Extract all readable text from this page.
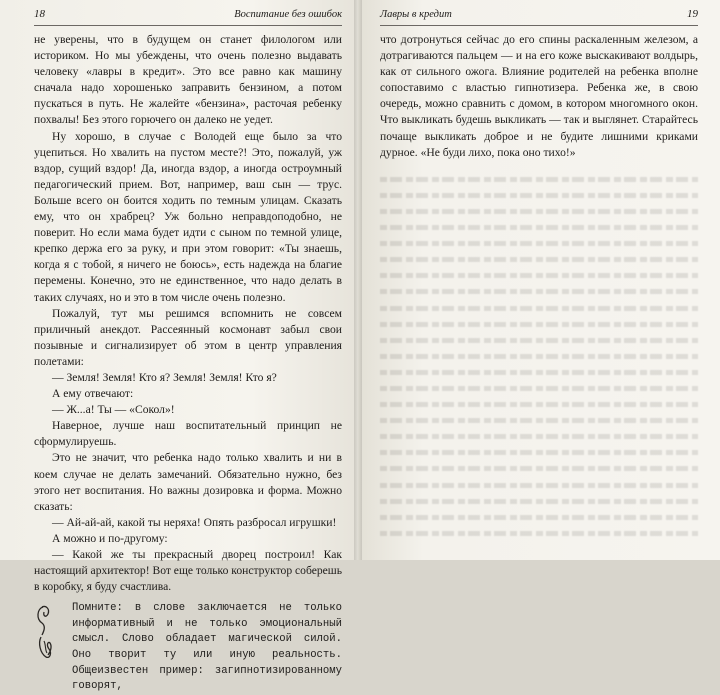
18	Воспитание без ошибок

не уверены, что в будущем он станет филологом или историком. Но мы убеждены, что очень полезно выдавать человеку «лавры в кредит». Это все равно как машину сначала надо хорошенько заправить бензином, а потом пускаться в путь. Не жалейте «бензина», расточая ребенку похвалы! Без этого горючего он далеко не уедет.

Ну хорошо, в случае с Володей еще было за что уцепиться. Но хвалить на пустом месте?! Это, пожалуй, уж вздор, сущий вздор! Да, иногда вздор, а иногда остроумный педагогический прием. Вот, например, ваш сын — трус. Больше всего он боится ходить по темным улицам. Сказать ему, что он храбрец? Уж больно неправдоподобно, не поверит. Но если мама будет идти с сыном по темной улице, крепко держа его за руку, и при этом говорит: «Ты знаешь, когда я с тобой, я ничего не боюсь», есть надежда на благие перемены. Конечно, это не единственное, что надо делать в таких случаях, но и это в том числе очень полезно.

Пожалуй, тут мы решимся вспомнить не совсем приличный анекдот. Рассеянный космонавт забыл свои позывные и сигнализирует об этом в центр управления полетами:

— Земля! Земля! Кто я? Земля! Земля! Кто я?

А ему отвечают:

— Ж...а! Ты — «Сокол»!

Наверное, лучше наш воспитательный принцип не сформулируешь.

Это не значит, что ребенка надо только хвалить и ни в коем случае не делать замечаний. Обязательно нужно, без этого нет воспитания. Но важны дозировка и форма. Можно сказать:

— Ай-ай-ай, какой ты неряха! Опять разбросал игрушки!

А можно и по-другому:

— Какой же ты прекрасный дворец построил! Как настоящий архитектор! Вот еще только конструктор соберешь в коробку, я буду счастлива.

Помните: в слове заключается не только информативный и не только эмоциональный смысл. Слово обладает магической силой. Оно творит ту или иную реальность. Общеизвестен пример: загипнотизированному говорят,

Лавры в кредит	19

что дотронуться сейчас до его спины раскаленным железом, а дотрагиваются пальцем — и на его коже выскакивают волдырь, как от сильного ожога. Влияние родителей на ребенка вполне сопоставимо с властью гипнотизера. Ребенка же, в свою очередь, можно сравнить с домом, в котором многомного окон. Что выкликать будешь выкликать — так и выглянет. Старайтесь почаще выкликать доброе и не будите лишними криками дурное. «Не буди лихо, пока оно тихо!»
